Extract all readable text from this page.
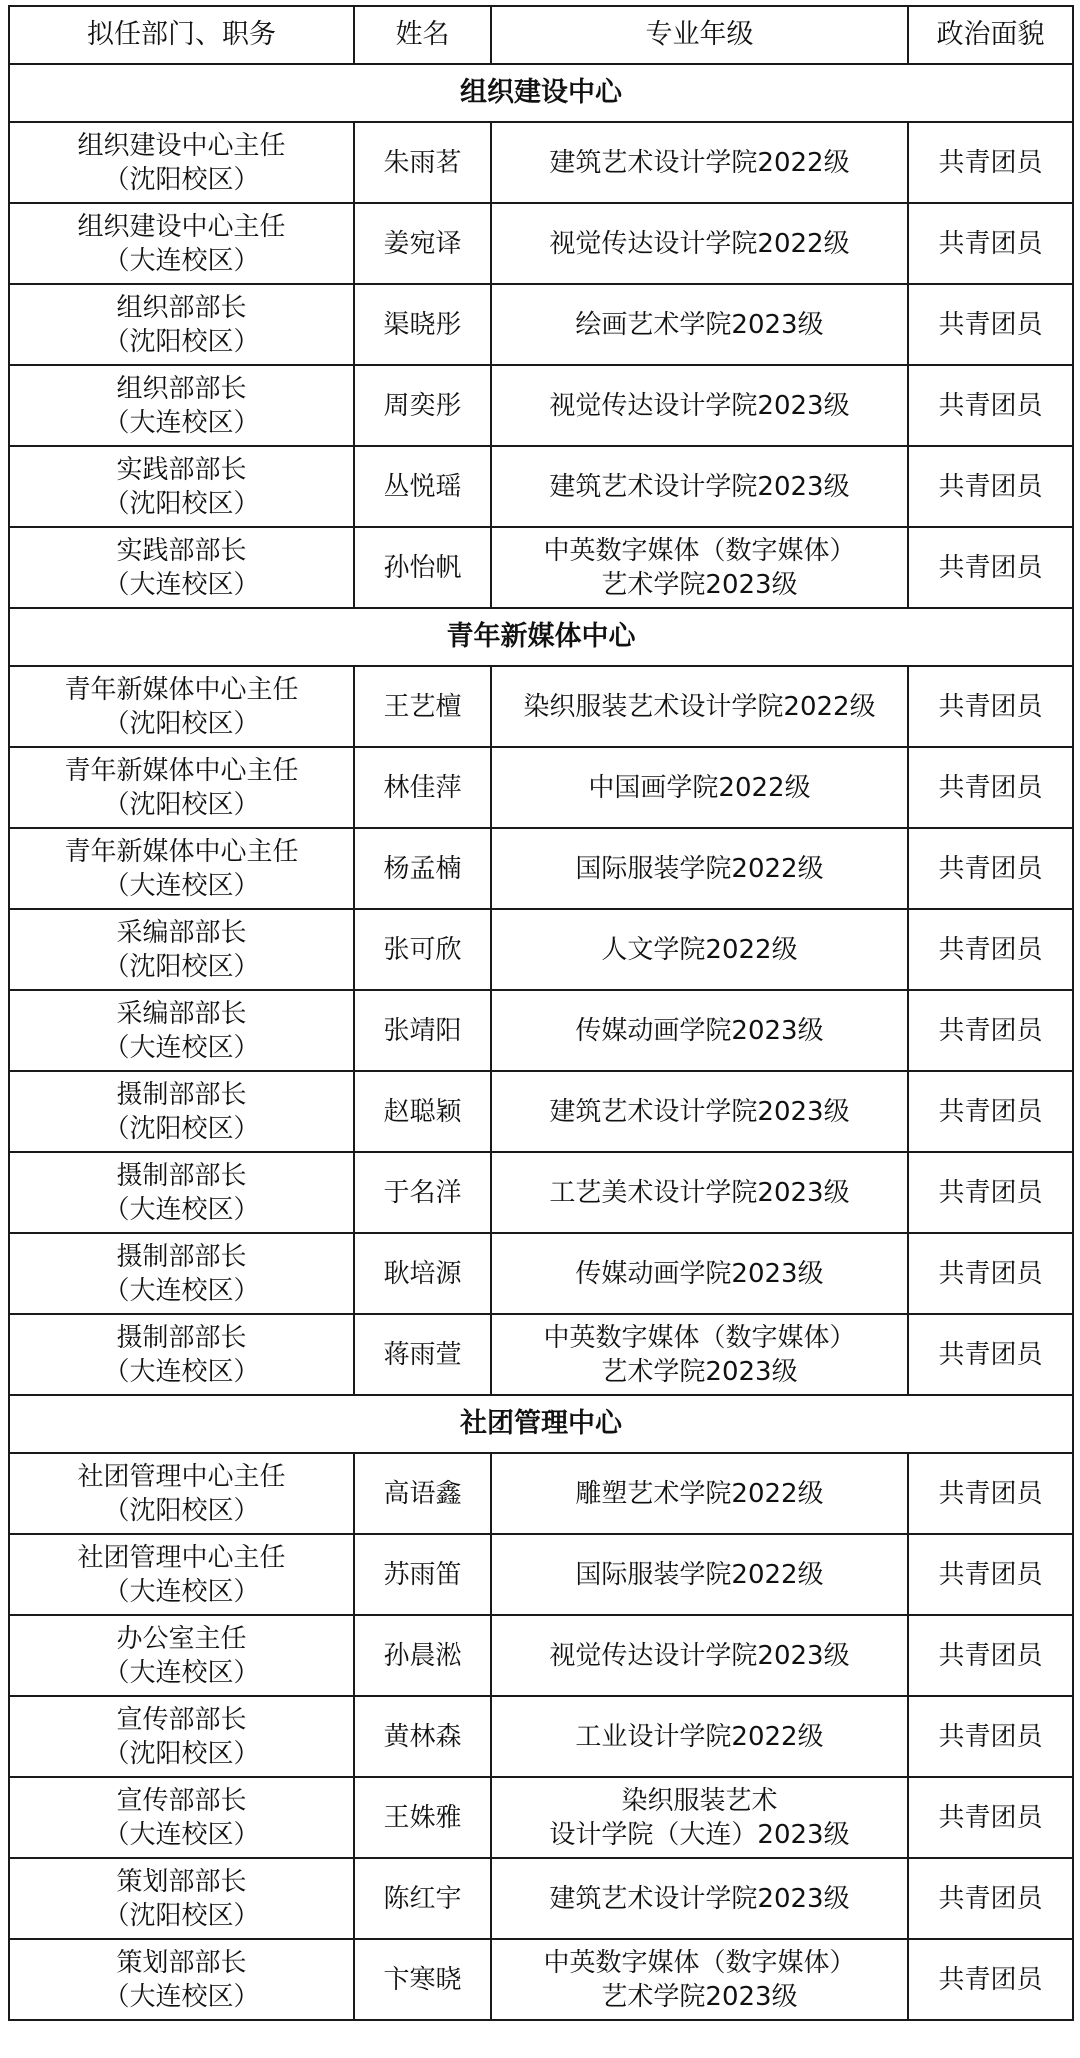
拟任部门、职务	姓名	专业年级	政治面貌
组织建设中心			

组织建设中心主任
（沈阳校区）	朱雨茗	建筑艺术设计学院2022级	共青团员

组织建设中心主任
（大连校区）	姜宛译	视觉传达设计学院2022级	共青团员

组织部部长
（沈阳校区）	渠晓彤	绘画艺术学院2023级	共青团员

组织部部长
（大连校区）	周奕彤	视觉传达设计学院2023级	共青团员

实践部部长
（沈阳校区）	丛悦瑶	建筑艺术设计学院2023级	共青团员

实践部部长
（大连校区）	孙怡帆	中英数字媒体（数字媒体）
艺术学院2023级	共青团员
青年新媒体中心			

青年新媒体中心主任
（沈阳校区）	王艺檀	染织服装艺术设计学院2022级	共青团员

青年新媒体中心主任
（沈阳校区）	林佳萍	中国画学院2022级	共青团员

青年新媒体中心主任
（大连校区）	杨孟楠	国际服装学院2022级	共青团员

采编部部长
（沈阳校区）	张可欣	人文学院2022级	共青团员

采编部部长
（大连校区）	张靖阳	传媒动画学院2023级	共青团员

摄制部部长
（沈阳校区）	赵聪颖	建筑艺术设计学院2023级	共青团员

摄制部部长
（大连校区）	于名洋	工艺美术设计学院2023级	共青团员

摄制部部长
（大连校区）	耿培源	传媒动画学院2023级	共青团员

摄制部部长
（大连校区）	蒋雨萱	中英数字媒体（数字媒体）
艺术学院2023级	共青团员
社团管理中心			

社团管理中心主任
（沈阳校区）	高语鑫	雕塑艺术学院2022级	共青团员

社团管理中心主任
（大连校区）	苏雨笛	国际服装学院2022级	共青团员

办公室主任
（大连校区）	孙晨淞	视觉传达设计学院2023级	共青团员

宣传部部长
（沈阳校区）	黄林森	工业设计学院2022级	共青团员

宣传部部长
（大连校区）	王姝雅	染织服装艺术
设计学院（大连）2023级	共青团员

策划部部长
（沈阳校区）	陈红宇	建筑艺术设计学院2023级	共青团员

策划部部长
（大连校区）	卞寒晓	中英数字媒体（数字媒体）
艺术学院2023级	共青团员
